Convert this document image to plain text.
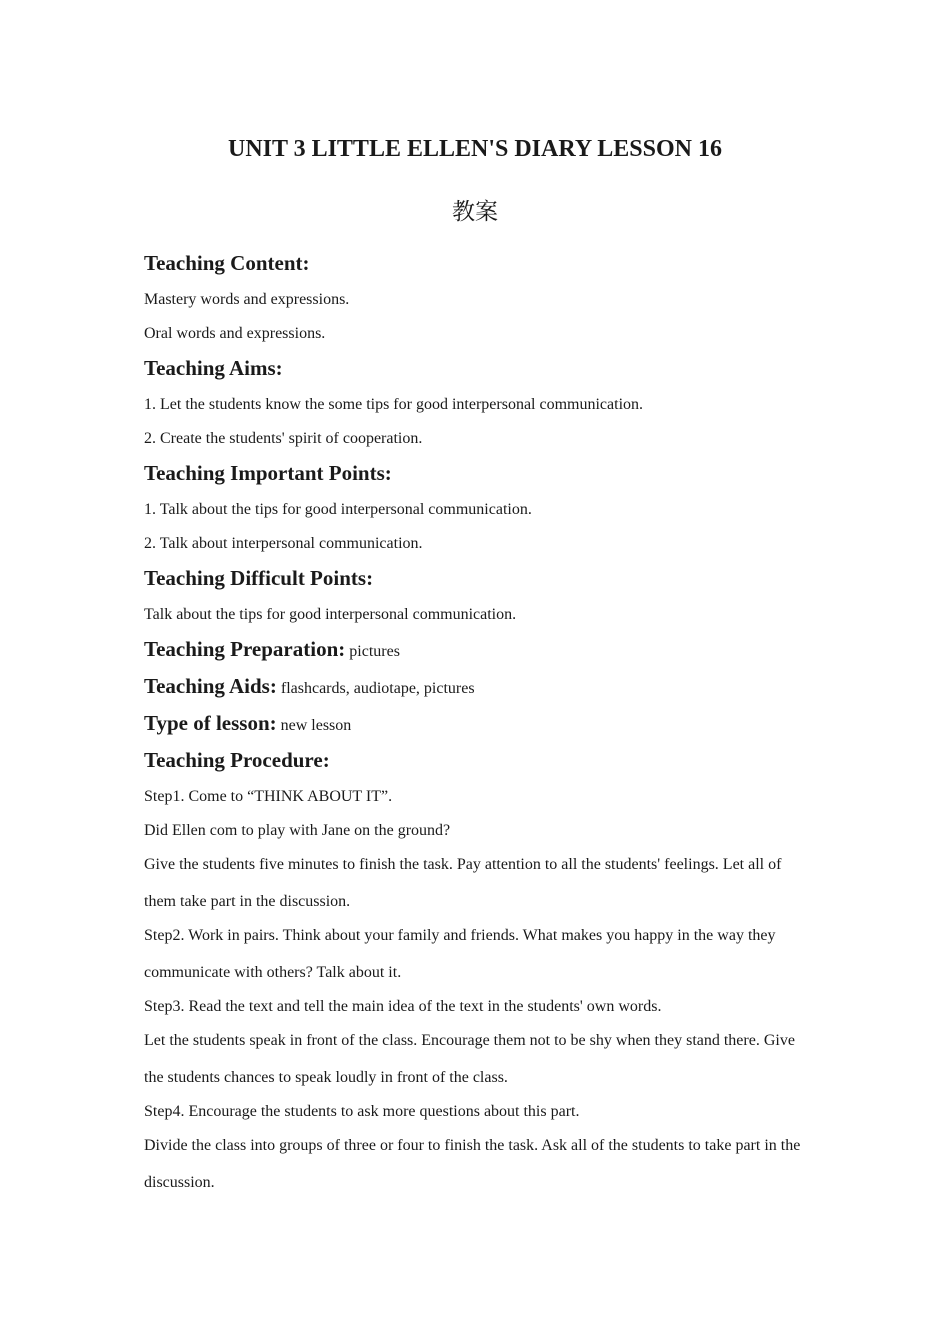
UNIT 3 LITTLE ELLEN'S DIARY LESSON 16
教案
Teaching Content:
Mastery words and expressions.
Oral words and expressions.
Teaching Aims:
1. Let the students know the some tips for good interpersonal communication.
2. Create the students' spirit of cooperation.
Teaching Important Points:
1. Talk about the tips for good interpersonal communication.
2. Talk about interpersonal communication.
Teaching Difficult Points:
Talk about the tips for good interpersonal communication.
Teaching Preparation: pictures
Teaching Aids: flashcards, audiotape, pictures
Type of lesson: new lesson
Teaching Procedure:
Step1. Come to “THINK ABOUT IT”.
Did Ellen com to play with Jane on the ground?
Give the students five minutes to finish the task. Pay attention to all the students' feelings. Let all of them take part in the discussion.
Step2. Work in pairs. Think about your family and friends. What makes you happy in the way they communicate with others? Talk about it.
Step3. Read the text and tell the main idea of the text in the students' own words.
Let the students speak in front of the class. Encourage them not to be shy when they stand there. Give the students chances to speak loudly in front of the class.
Step4. Encourage the students to ask more questions about this part.
Divide the class into groups of three or four to finish the task. Ask all of the students to take part in the discussion.
